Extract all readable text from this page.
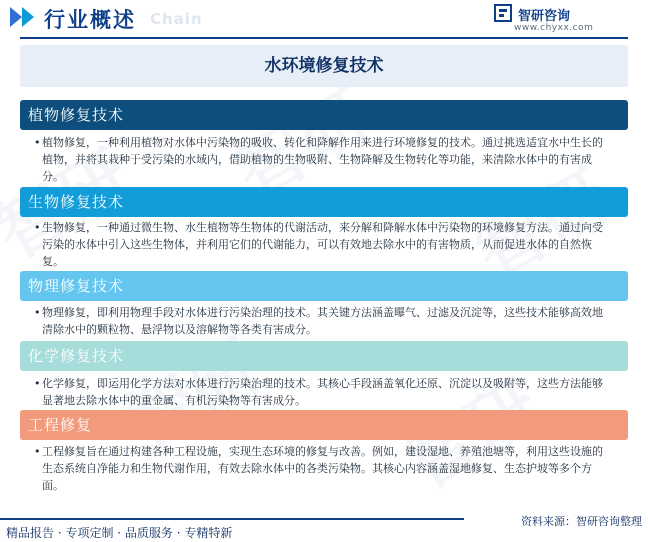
行业概述 Chain	智研咨询
www.chyxx.com
水环境修复技术
植物修复技术
• 植物修复，一种利用植物对水体中污染物的吸收、转化和降解作用来进行环境修复的技术。通过挑选适宜水中生长的植物，并将其栽种于受污染的水域内，借助植物的生物吸附、生物降解及生物转化等功能，来清除水体中的有害成分。
生物修复技术
• 生物修复，一种通过微生物、水生植物等生物体的代谢活动，来分解和降解水体中污染物的环境修复方法。通过向受污染的水体中引入这些生物体，并利用它们的代谢能力，可以有效地去除水中的有害物质，从而促进水体的自然恢复。
物理修复技术
• 物理修复，即利用物理手段对水体进行污染治理的技术。其关键方法涵盖曝气、过滤及沉淀等，这些技术能够高效地清除水中的颗粒物、悬浮物以及溶解物等各类有害成分。
化学修复技术
• 化学修复，即运用化学方法对水体进行污染治理的技术。其核心手段涵盖氧化还原、沉淀以及吸附等，这些方法能够显著地去除水体中的重金属、有机污染物等有害成分。
工程修复
• 工程修复旨在通过构建各种工程设施，实现生态环境的修复与改善。例如，建设湿地、养殖池塘等，利用这些设施的生态系统自净能力和生物代谢作用，有效去除水体中的各类污染物。其核心内容涵盖湿地修复、生态护坡等多个方面。
精品报告 · 专项定制 · 品质服务 · 专精特新
资料来源：智研咨询整理
